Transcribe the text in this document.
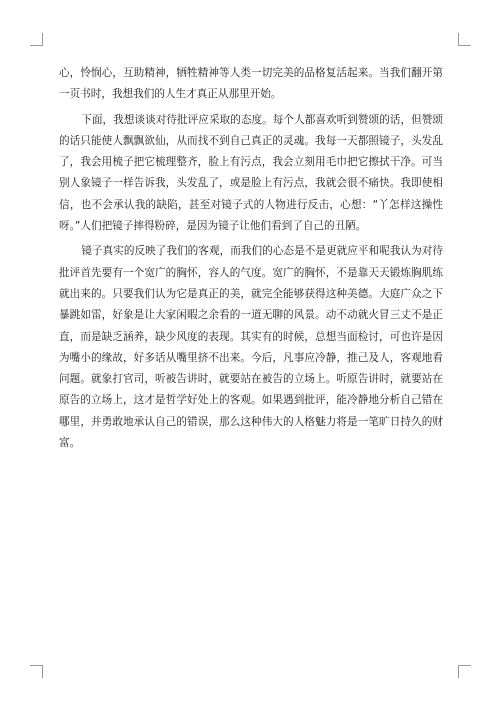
心，怜悯心，互助精神，牺牲精神等人类一切完美的品格复活起来。当我们翻开第一页书时，我想我们的人生才真正从那里开始。

下面，我想谈谈对待批评应采取的态度。每个人都喜欢听到赞颂的话，但赞颂的话只能使人飘飘欲仙，从而找不到自己真正的灵魂。我每一天都照镜子，头发乱了，我会用梳子把它梳理整齐，脸上有污点，我会立刻用毛巾把它擦拭干净。可当别人象镜子一样告诉我，头发乱了，或是脸上有污点，我就会很不痛快。我即使相信，也不会承认我的缺陷，甚至对镜子式的人物进行反击，心想：“丫怎样这操性呀。”人们把镜子摔得粉碎，是因为镜子让他们看到了自己的丑陋。

镜子真实的反映了我们的客观，而我们的心态是不是更就应平和呢我认为对待批评首先要有一个宽广的胸怀，容人的气度。宽广的胸怀，不是靠天天锻炼胸肌练就出来的。只要我们认为它是真正的美，就完全能够获得这种美德。大庭广众之下暴跳如雷，好象是让大家闲暇之余看的一道无聊的风景。动不动就火冒三丈不是正直，而是缺乏涵养，缺少风度的表现。其实有的时候，总想当面检讨，可也许是因为嘴小的缘故，好多话从嘴里挤不出来。今后，凡事应冷静，推己及人，客观地看问题。就象打官司，听被告讲时，就要站在被告的立场上。听原告讲时，就要站在原告的立场上，这才是哲学好处上的客观。如果遇到批评，能冷静地分析自己错在哪里，并勇敢地承认自己的错误，那么这种伟大的人格魅力将是一笔旷日持久的财富。
